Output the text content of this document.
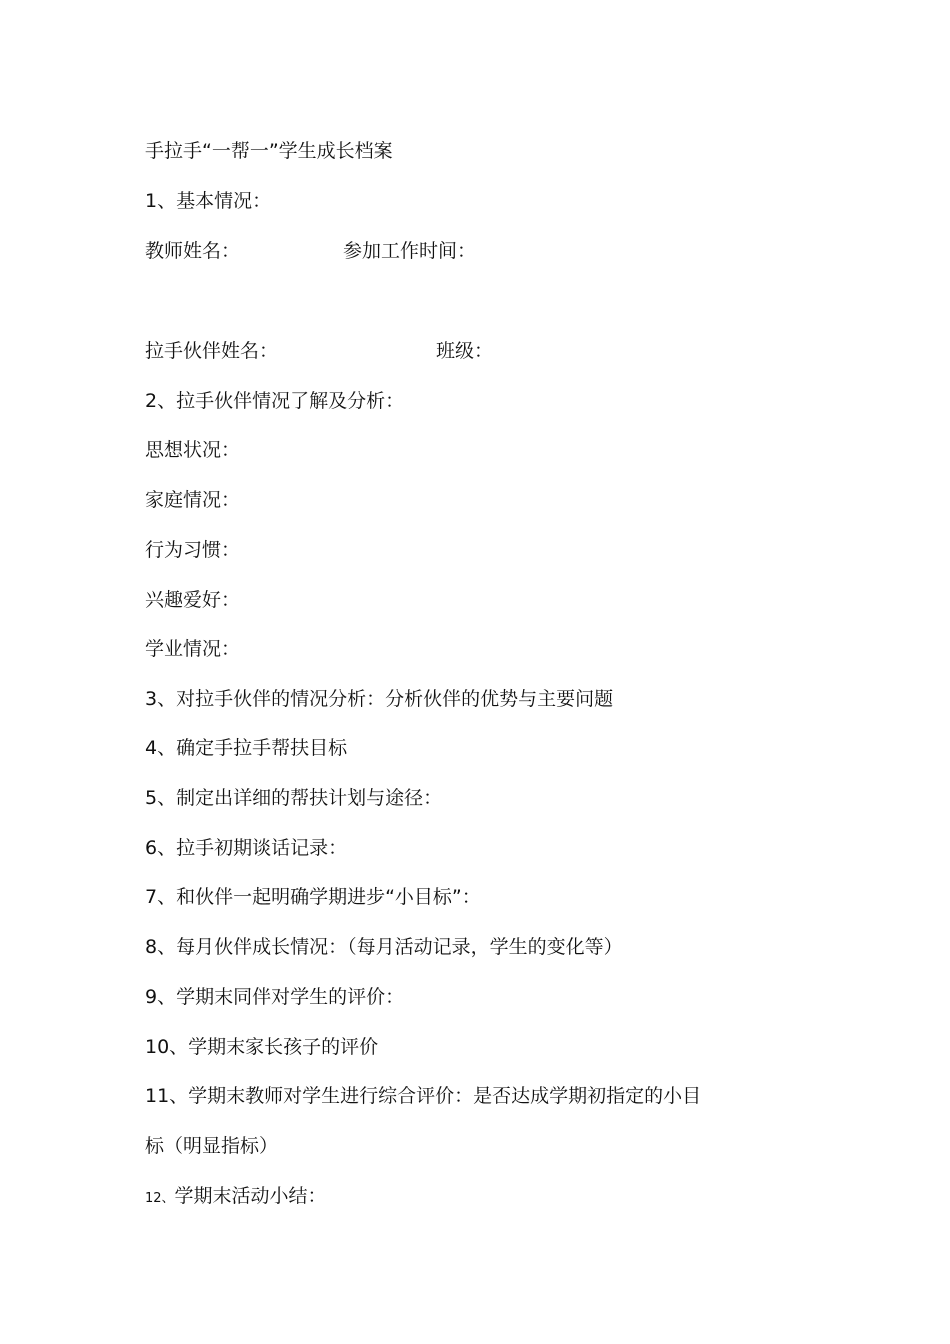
手拉手“一帮一”学生成长档案
1、基本情况：
教师姓名：	参加工作时间：
拉手伙伴姓名：	班级：
2、拉手伙伴情况了解及分析：
思想状况：
家庭情况：
行为习惯：
兴趣爱好：
学业情况：
3、对拉手伙伴的情况分析：分析伙伴的优势与主要问题
4、确定手拉手帮扶目标
5、制定出详细的帮扶计划与途径：
6、拉手初期谈话记录：
7、和伙伴一起明确学期进步“小目标”：
8、每月伙伴成长情况：（每月活动记录，学生的变化等）
9、学期末同伴对学生的评价：
10、学期末家长孩子的评价
11、学期末教师对学生进行综合评价：是否达成学期初指定的小目
标（明显指标）
12、学期末活动小结：
